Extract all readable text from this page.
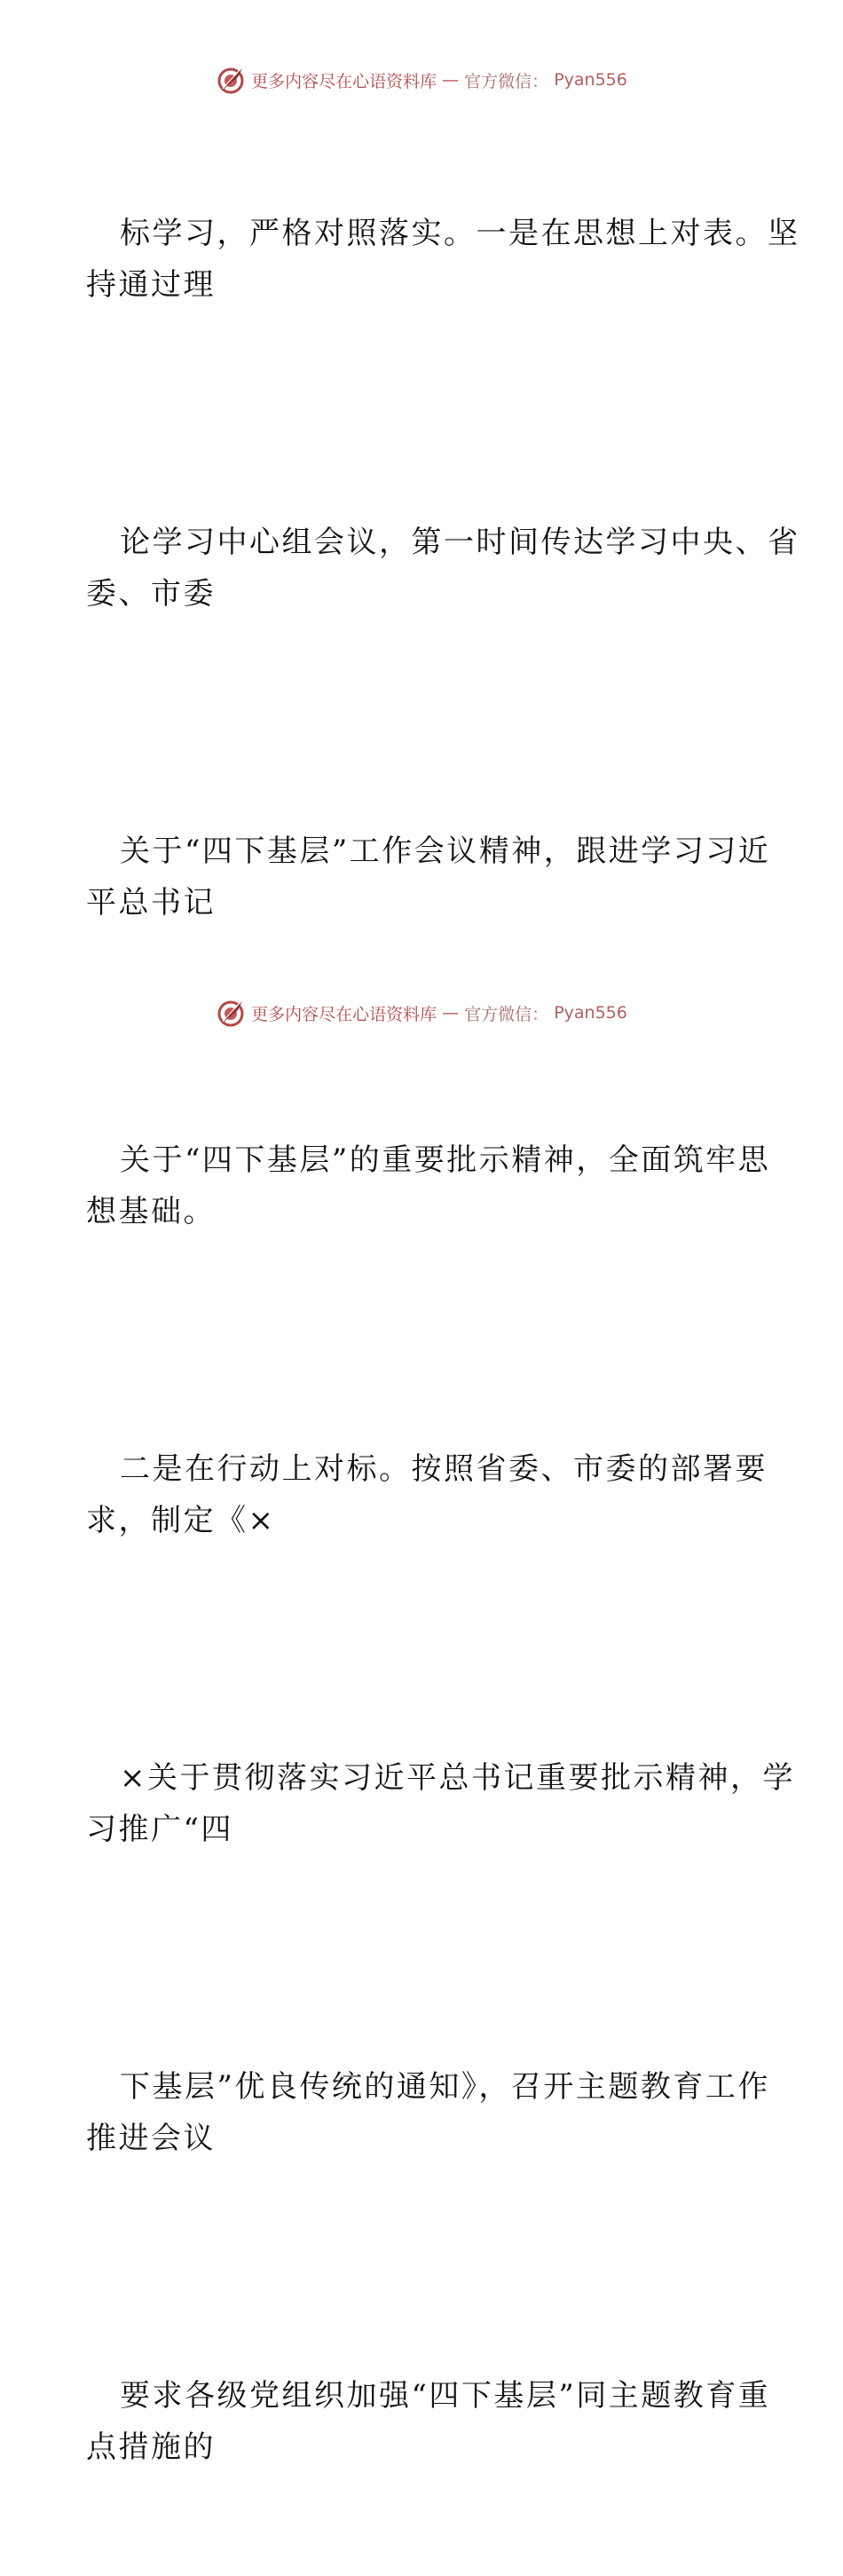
更多内容尽在心语资料库 — 官方微信： Pyan556

标学习，严格对照落实。一是在思想上对表。坚
持通过理

论学习中心组会议，第一时间传达学习中央、省
委、市委

关于“四下基层”工作会议精神，跟进学习习近
平总书记

关于“四下基层”的重要批示精神，全面筑牢思
想基础。

二是在行动上对标。按照省委、市委的部署要
求，制定《×

×关于贯彻落实习近平总书记重要批示精神，学
习推广“四

下基层”优良传统的通知》，召开主题教育工作
推进会议

要求各级党组织加强“四下基层”同主题教育重
点措施的

更多内容尽在心语资料库 — 官方微信： Pyan556
